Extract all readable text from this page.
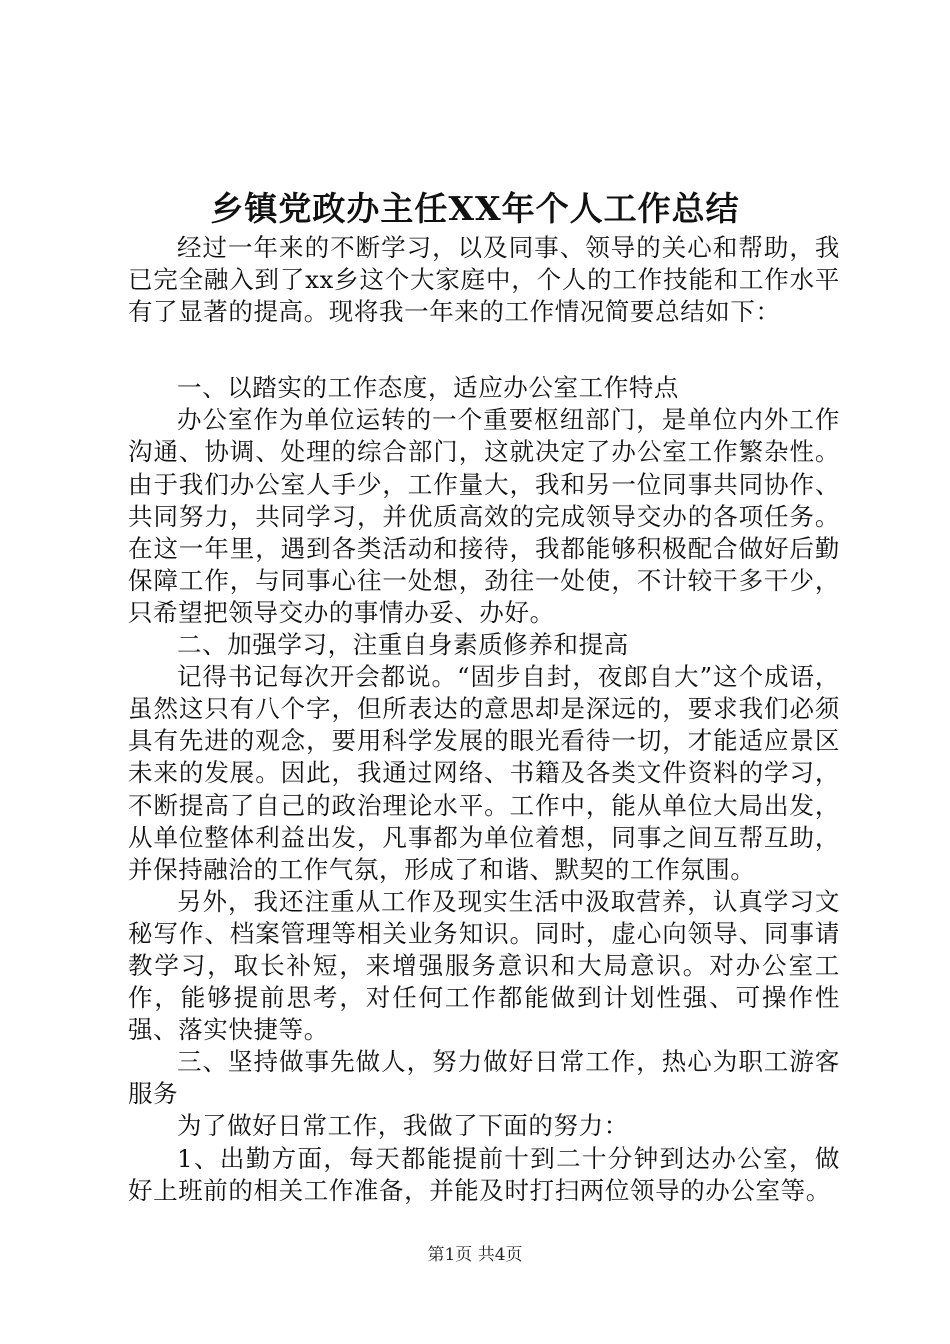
乡镇党政办主任XX年个人工作总结

经过一年来的不断学习，以及同事、领导的关心和帮助，我已完全融入到了xx乡这个大家庭中，个人的工作技能和工作水平有了显著的提高。现将我一年来的工作情况简要总结如下：

一、以踏实的工作态度，适应办公室工作特点

办公室作为单位运转的一个重要枢纽部门，是单位内外工作沟通、协调、处理的综合部门，这就决定了办公室工作繁杂性。由于我们办公室人手少，工作量大，我和另一位同事共同协作、共同努力，共同学习，并优质高效的完成领导交办的各项任务。在这一年里，遇到各类活动和接待，我都能够积极配合做好后勤保障工作，与同事心往一处想，劲往一处使，不计较干多干少，只希望把领导交办的事情办妥、办好。

二、加强学习，注重自身素质修养和提高

记得书记每次开会都说。“固步自封，夜郎自大”这个成语，虽然这只有八个字，但所表达的意思却是深远的，要求我们必须具有先进的观念，要用科学发展的眼光看待一切，才能适应景区未来的发展。因此，我通过网络、书籍及各类文件资料的学习，不断提高了自己的政治理论水平。工作中，能从单位大局出发，从单位整体利益出发，凡事都为单位着想，同事之间互帮互助，并保持融洽的工作气氛，形成了和谐、默契的工作氛围。

另外，我还注重从工作及现实生活中汲取营养，认真学习文秘写作、档案管理等相关业务知识。同时，虚心向领导、同事请教学习，取长补短，来增强服务意识和大局意识。对办公室工作，能够提前思考，对任何工作都能做到计划性强、可操作性强、落实快捷等。

三、坚持做事先做人，努力做好日常工作，热心为职工游客服务

为了做好日常工作，我做了下面的努力：

1、出勤方面，每天都能提前十到二十分钟到达办公室，做好上班前的相关工作准备，并能及时打扫两位领导的办公室等。

第1页 共4页
